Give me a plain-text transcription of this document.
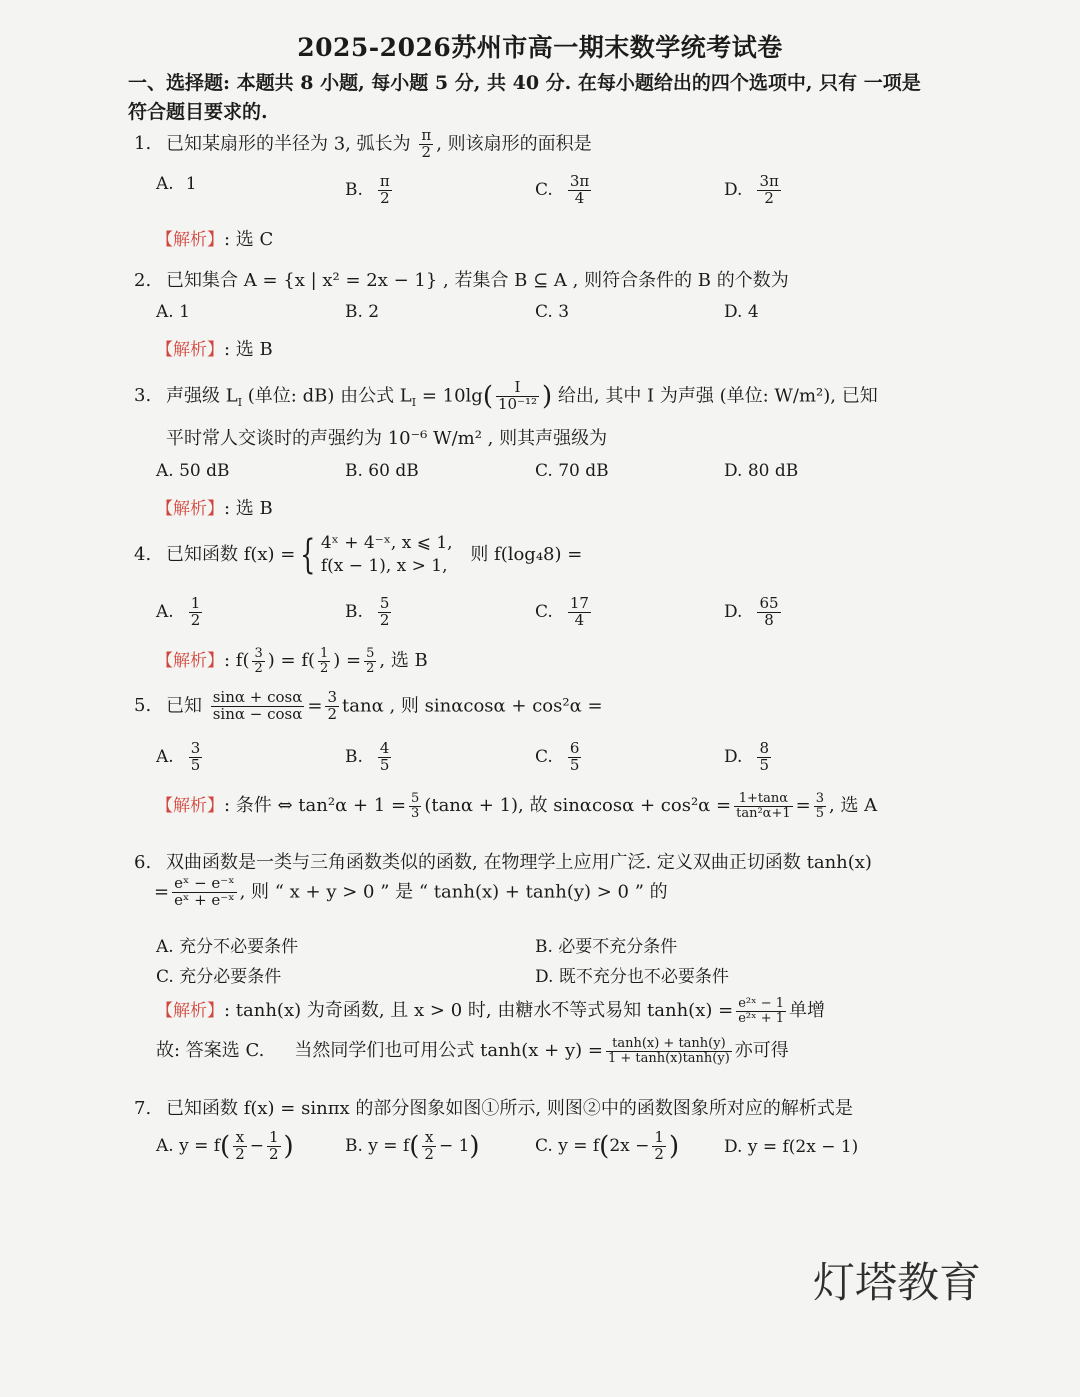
2025-2026苏州市高一期末数学统考试卷
一、选择题: 本题共 8 小题, 每小题 5 分, 共 40 分. 在每小题给出的四个选项中, 只有 一项是
符合题目要求的.
1. 已知某扇形的半径为 3, 弧长为 $\frac{\pi}{2}$ , 则该扇形的面积是
A. 1	B. $\frac{\pi}{2}$	C. $\frac{3\pi}{4}$	D. $\frac{3\pi}{2}$
【解析】: 选 C
2. 已知集合 A = {x | x² = 2x − 1} , 若集合 B ⊆ A , 则符合条件的 B 的个数为
A. 1	B. 2	C. 3	D. 4
【解析】: 选 B
3. 声强级 $L_I$ (单位: dB) 由公式 $L_I = 10\lg( \frac{I}{\text{10⁻¹²}}$ ) 给出, 其中 I 为声强 (单位: W/m²), 已知
平时常人交谈时的声强约为 10⁻⁶ W/m² , 则其声强级为
A. 50 dB	B. 60 dB	C. 70 dB	D. 80 dB
【解析】: 选 B
4. 已知函数 f(x) = { 4ˣ + 4⁻ˣ, x ⩽ 1,
f(x − 1), x > 1,
则 f(log₄8) =
A. $\frac{1}{2}$	B. $\frac{5}{2}$	C. $\frac{17}{4}$	D. $\frac{65}{8}$
【解析】: $f( \frac{3}{2}$ ) = $f( \frac{1}{2}$ ) = $\frac{5}{2}$ , 选 B
5. 已知 $\frac{\sin\alpha + \cos\alpha}{\sin\alpha - \cos\alpha} = \frac{3}{2}$ tanα , 则 sinαcosα + cos²α =
A. $\frac{3}{5}$	B. $\frac{4}{5}$	C. $\frac{6}{5}$	D. $\frac{8}{5}$
【解析】: 条件 ⇔ $\tan^2\alpha + 1 = \frac{5}{3} (\tan\alpha + 1)$, 故 $\sin\alpha\cos\alpha + \cos^2\alpha = \frac{1+\tan\alpha}{\text{tan²α+1}} = \frac{3}{5}$ , 选 A
6. 双曲函数是一类与三角函数类似的函数, 在物理学上应用广泛. 定义双曲正切函数 tanh(x)
= $\frac{\text{eˣ − e⁻ˣ}}{\text{eˣ + e⁻ˣ}}$ , 则 “ x + y > 0 ” 是 “ tanh(x) + tanh(y) > 0 ” 的
A. 充分不必要条件	B. 必要不充分条件
C. 充分必要条件	D. 既不充分也不必要条件
【解析】: tanh(x) 为奇函数, 且 x > 0 时, 由糖水不等式易知 $\tanh(x) = \frac{\text{e²ˣ − 1}}{\text{e²ˣ + 1}}$ 单增
故: 答案选 C. 当然同学们也可用公式 $\tanh(x + y) = \frac{\tanh(x) + \tanh(y)}{1 + \tanh(x)\tanh(y)}$ 亦可得
7. 已知函数 f(x) = sinπx 的部分图象如图①所示, 则图②中的函数图象所对应的解析式是
A. $y = f( \frac{x}{2} - \frac{1}{2}$ )	B. $y = f( \frac{x}{2} - 1)$	C. $y = f(2x - \frac{1}{2}$ )	D. y = f(2x − 1)
灯塔教育
